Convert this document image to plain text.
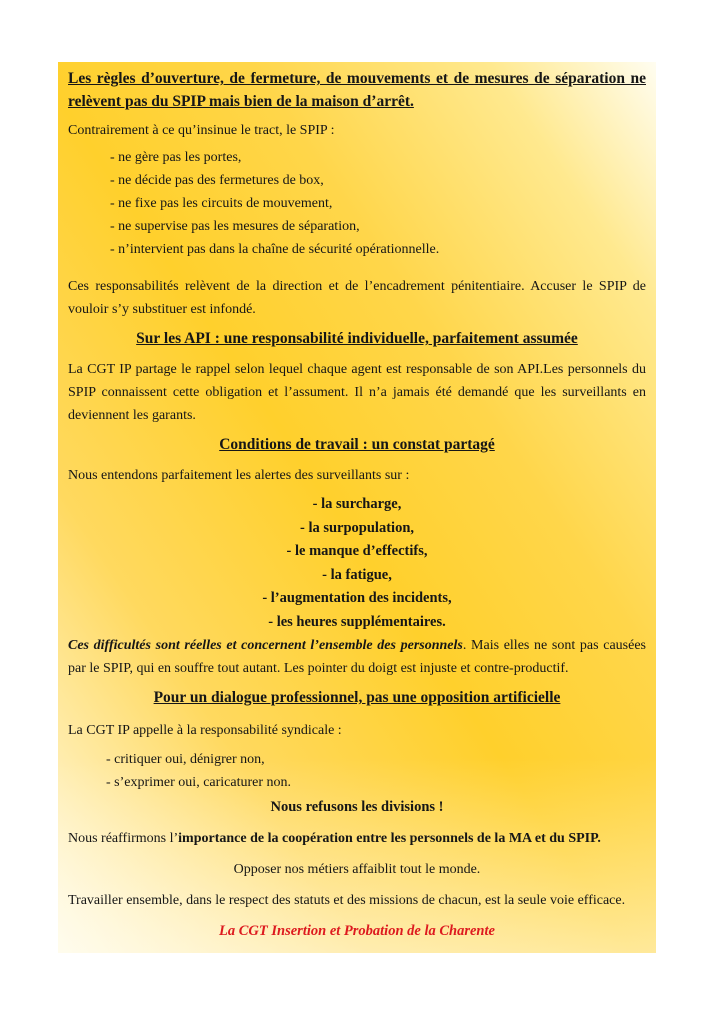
Les règles d’ouverture, de fermeture, de mouvements et de mesures de séparation ne relèvent pas du SPIP mais bien de la maison d’arrêt.

Contrairement à ce qu’insinue le tract, le SPIP :

- ne gère pas les portes,
- ne décide pas des fermetures de box,
- ne fixe pas les circuits de mouvement,
- ne supervise pas les mesures de séparation,
- n’intervient pas dans la chaîne de sécurité opérationnelle.

Ces responsabilités relèvent de la direction et de l’encadrement pénitentiaire. Accuser le SPIP de vouloir s’y substituer est infondé.

Sur les API : une responsabilité individuelle, parfaitement assumée

La CGT IP partage le rappel selon lequel chaque agent est responsable de son API.Les personnels du SPIP connaissent cette obligation et l’assument. Il n’a jamais été demandé que les surveillants en deviennent les garants.

Conditions de travail : un constat partagé

Nous entendons parfaitement les alertes des surveillants sur :

- la surcharge,
- la surpopulation,
- le manque d’effectifs,
- la fatigue,
- l’augmentation des incidents,
- les heures supplémentaires.

Ces difficultés sont réelles et concernent l’ensemble des personnels. Mais elles ne sont pas causées par le SPIP, qui en souffre tout autant. Les pointer du doigt est injuste et contre-productif.

Pour un dialogue professionnel, pas une opposition artificielle

La CGT IP appelle à la responsabilité syndicale :

- critiquer oui, dénigrer non,
- s’exprimer oui, caricaturer non.

Nous refusons les divisions !

Nous réaffirmons l’importance de la coopération entre les personnels de la MA et du SPIP.

Opposer nos métiers affaiblit tout le monde.

Travailler ensemble, dans le respect des statuts et des missions de chacun, est la seule voie efficace.

La CGT Insertion et Probation de la Charente
